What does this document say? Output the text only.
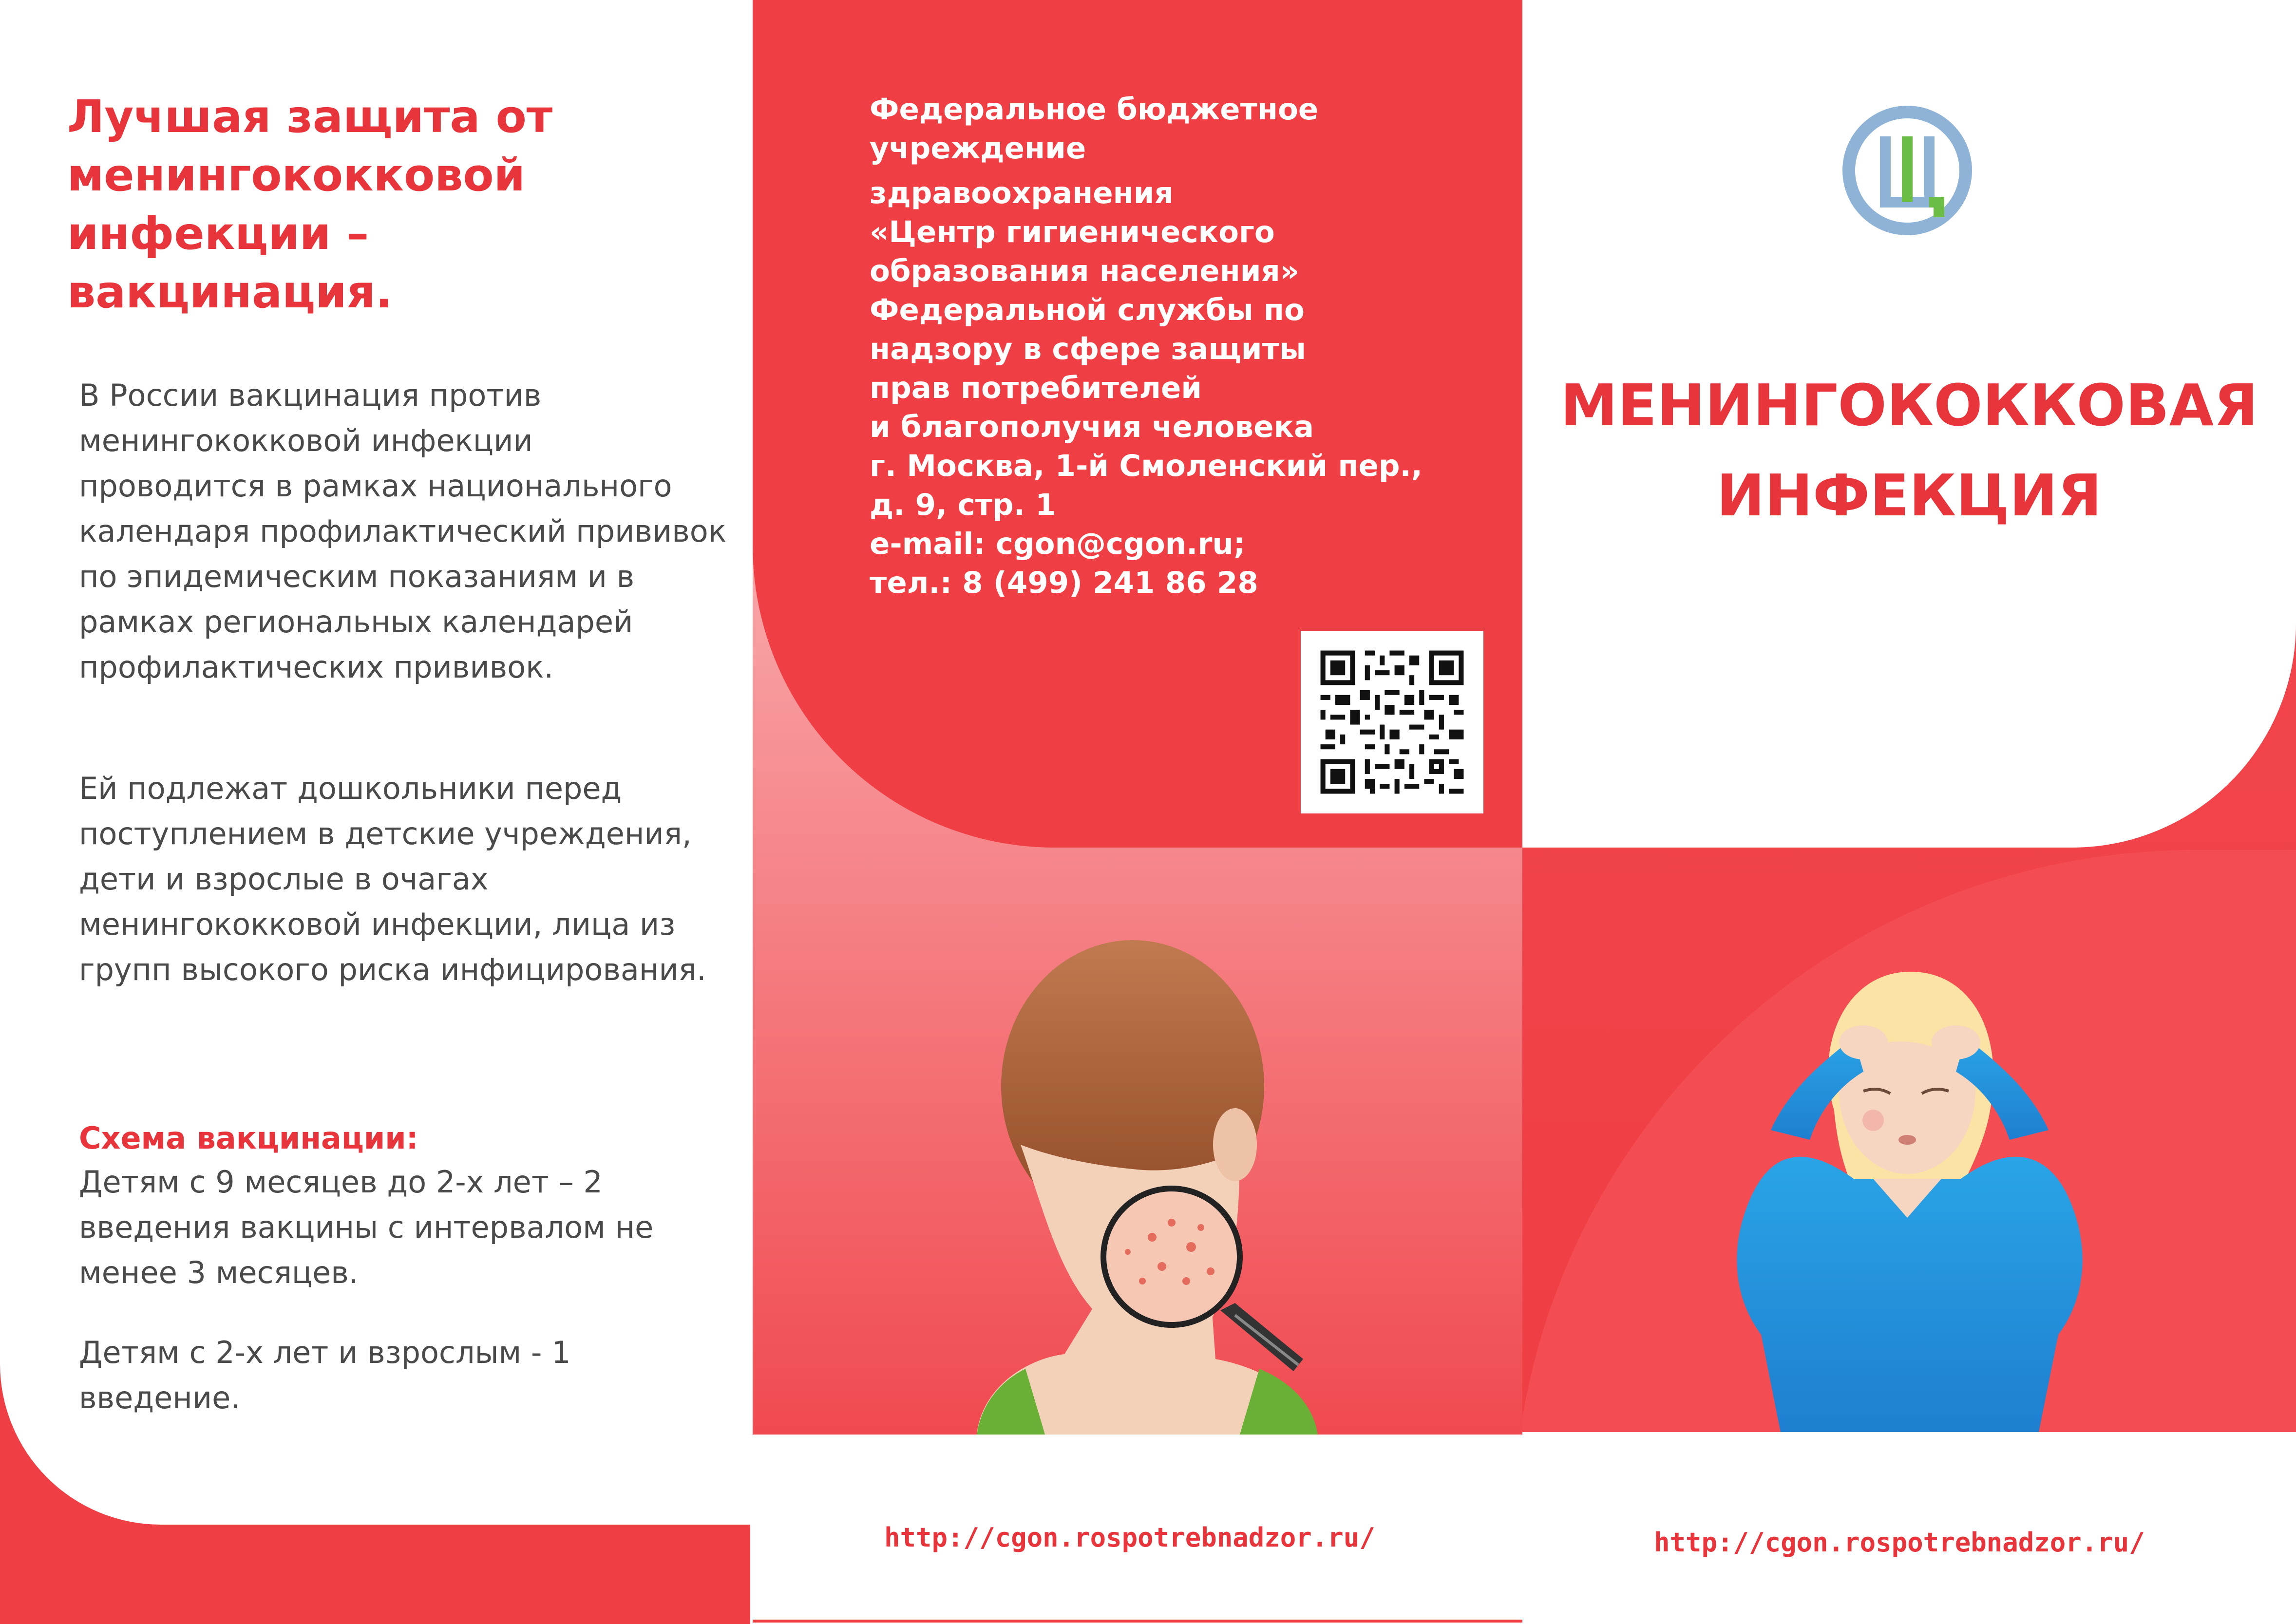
Лучшая защита от менингококковой инфекции – вакцинация.

В России вакцинация против менингококковой инфекции проводится в рамках национального календаря профилактический прививок по эпидемическим показаниям и в рамках региональных календарей профилактических прививок.

Ей подлежат дошкольники перед поступлением в детские учреждения, дети и взрослые в очагах менингококковой инфекции, лица из групп высокого риска инфицирования.

Схема вакцинации:

Детям с 9 месяцев до 2-х лет – 2 введения вакцины с интервалом не менее 3 месяцев.

Детям с 2-х лет и взрослым - 1 введение.

Федеральное бюджетное
учреждение
здравоохранения
«Центр гигиенического
образования населения»
Федеральной службы по
надзору в сфере защиты
прав потребителей
и благополучия человека
г. Москва, 1-й Смоленский пер.,
д. 9, стр. 1
e-mail: cgon@cgon.ru;
тел.: 8 (499) 241 86 28

http://cgon.rospotrebnadzor.ru/

МЕНИНГОКОККОВАЯ
ИНФЕКЦИЯ

http://cgon.rospotrebnadzor.ru/
